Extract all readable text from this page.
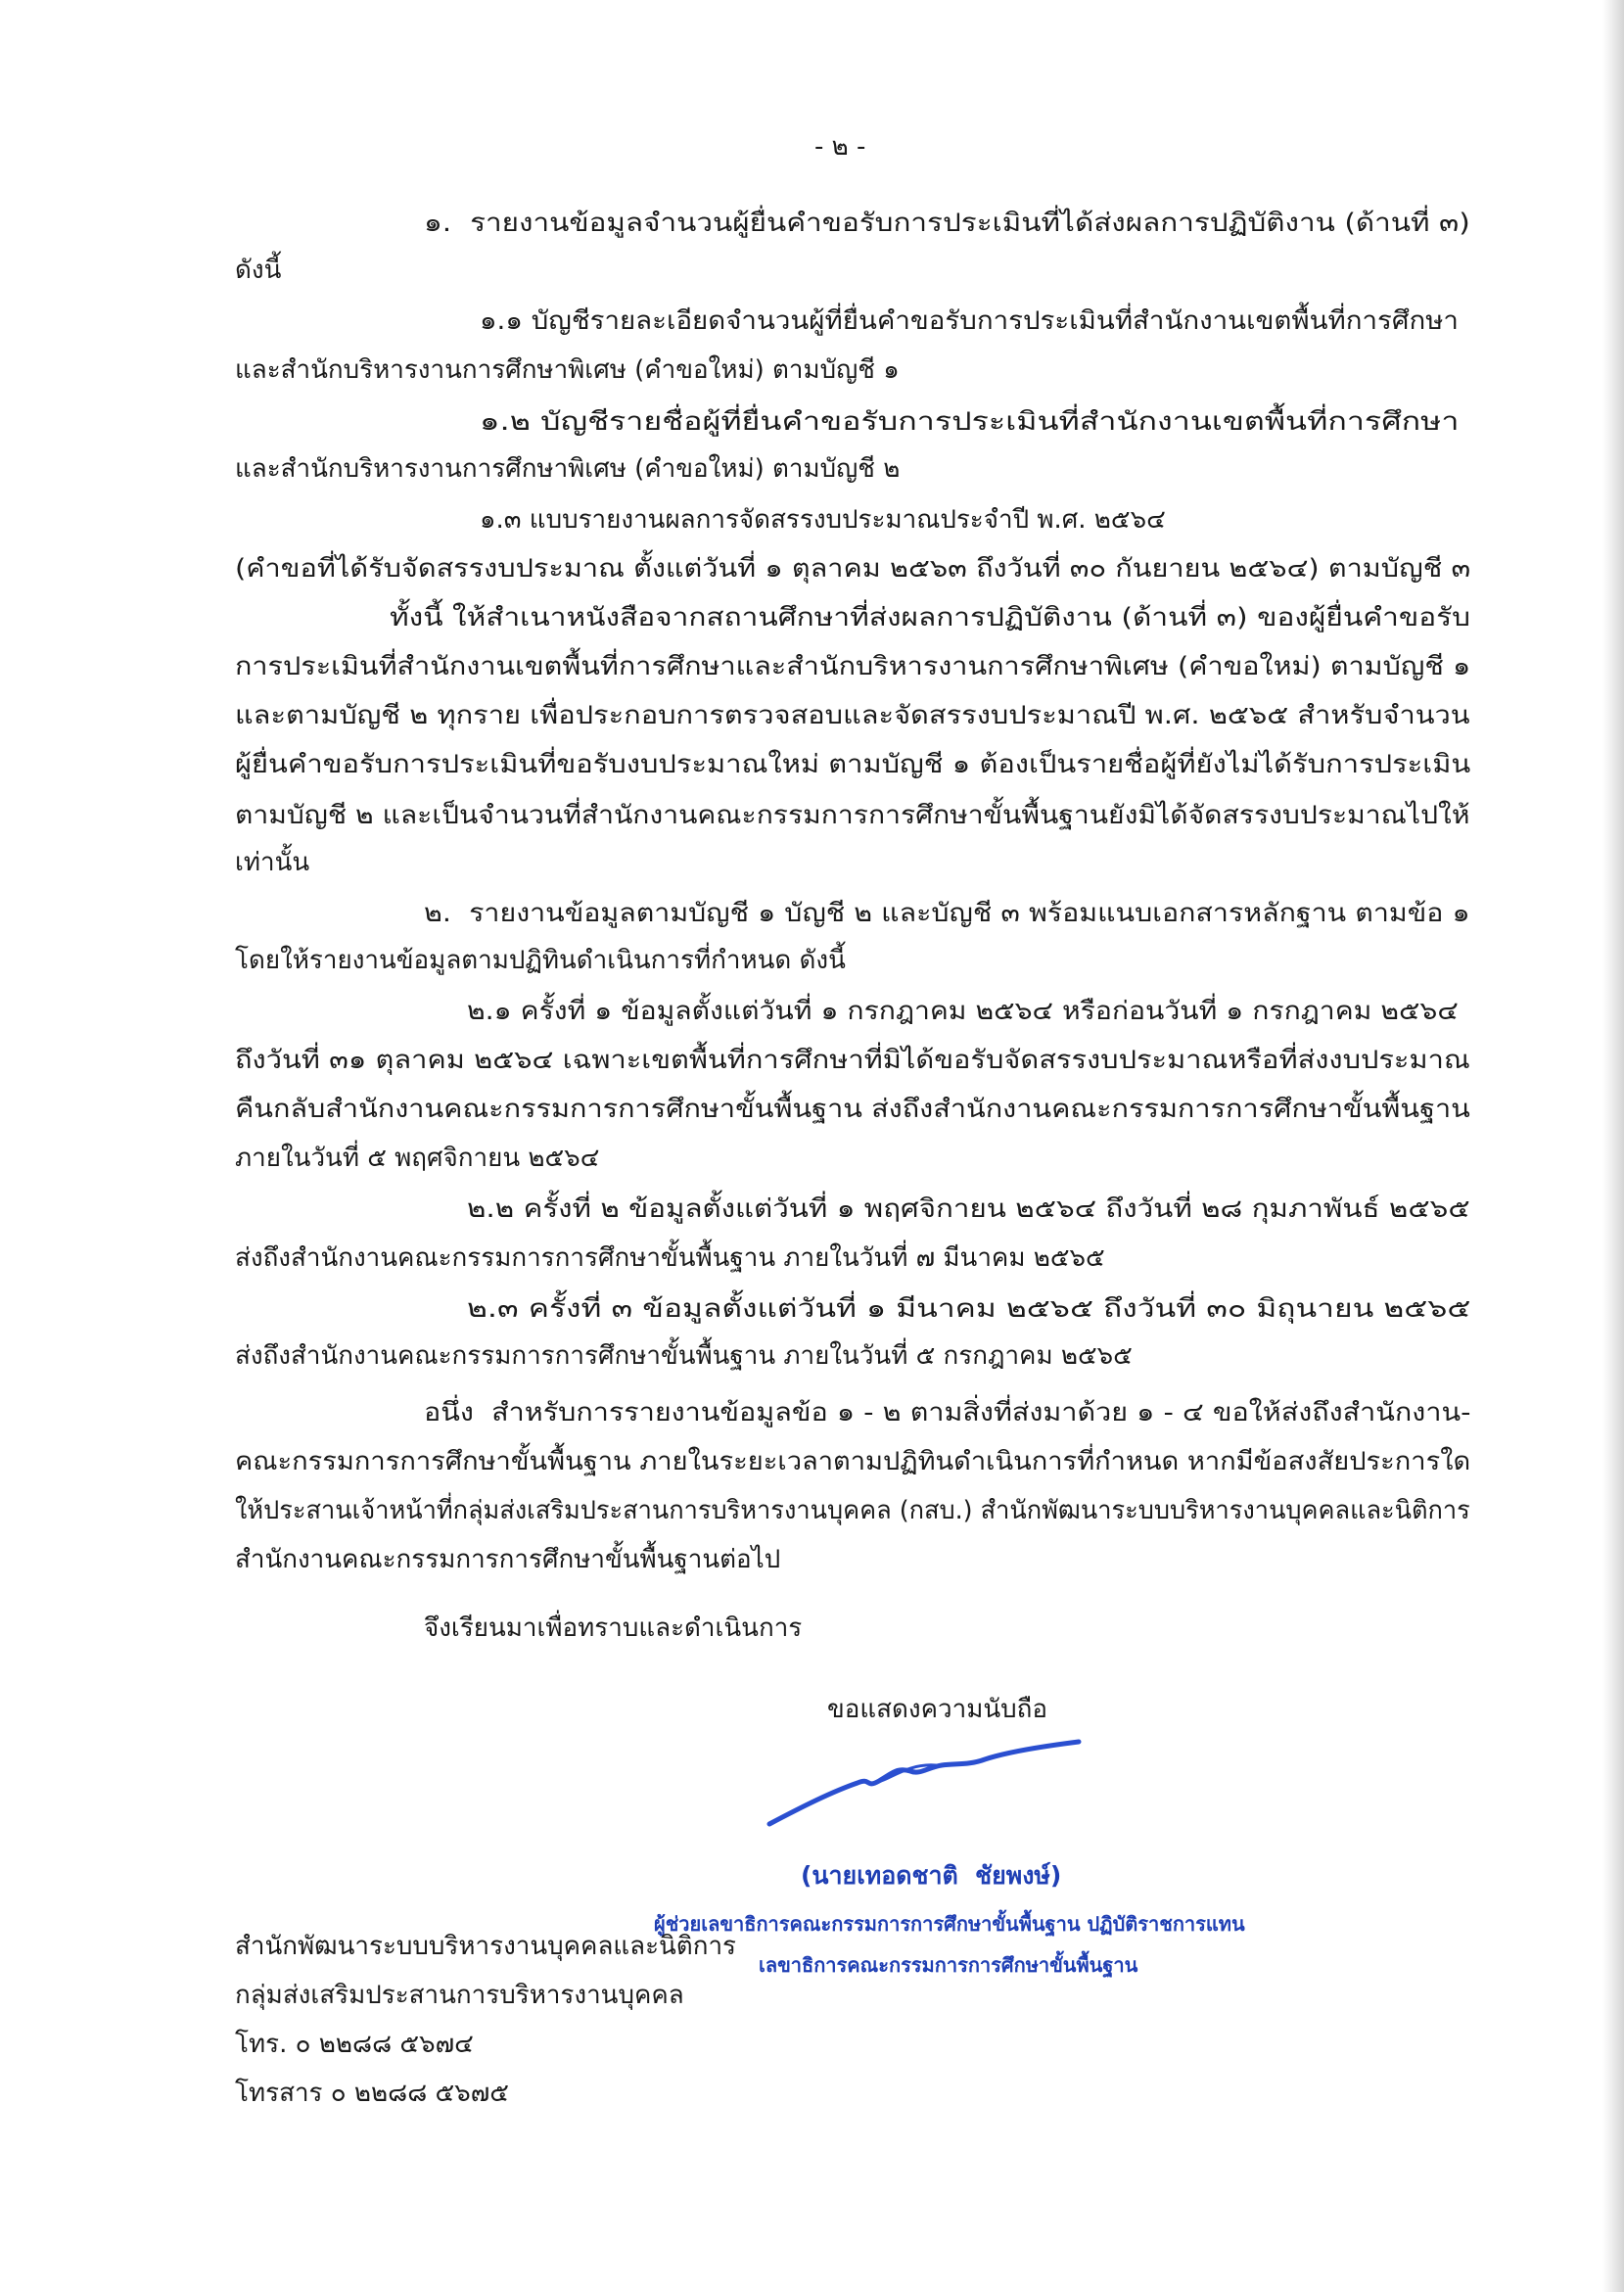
- ๒ -
๑.  รายงานข้อมูลจำนวนผู้ยื่นคำขอรับการประเมินที่ได้ส่งผลการปฏิบัติงาน (ด้านที่ ๓)
ดังนี้
๑.๑ บัญชีรายละเอียดจำนวนผู้ที่ยื่นคำขอรับการประเมินที่สำนักงานเขตพื้นที่การศึกษา
และสำนักบริหารงานการศึกษาพิเศษ (คำขอใหม่) ตามบัญชี ๑
๑.๒ บัญชีรายชื่อผู้ที่ยื่นคำขอรับการประเมินที่สำนักงานเขตพื้นที่การศึกษา
และสำนักบริหารงานการศึกษาพิเศษ (คำขอใหม่) ตามบัญชี ๒
๑.๓ แบบรายงานผลการจัดสรรงบประมาณประจำปี พ.ศ. ๒๕๖๔
(คำขอที่ได้รับจัดสรรงบประมาณ ตั้งแต่วันที่ ๑ ตุลาคม ๒๕๖๓ ถึงวันที่ ๓๐ กันยายน ๒๕๖๔) ตามบัญชี ๓
ทั้งนี้ ให้สำเนาหนังสือจากสถานศึกษาที่ส่งผลการปฏิบัติงาน (ด้านที่ ๓) ของผู้ยื่นคำขอรับ
การประเมินที่สำนักงานเขตพื้นที่การศึกษาและสำนักบริหารงานการศึกษาพิเศษ (คำขอใหม่) ตามบัญชี ๑
และตามบัญชี ๒ ทุกราย เพื่อประกอบการตรวจสอบและจัดสรรงบประมาณปี พ.ศ. ๒๕๖๕ สำหรับจำนวน
ผู้ยื่นคำขอรับการประเมินที่ขอรับงบประมาณใหม่ ตามบัญชี ๑ ต้องเป็นรายชื่อผู้ที่ยังไม่ได้รับการประเมิน
ตามบัญชี ๒ และเป็นจำนวนที่สำนักงานคณะกรรมการการศึกษาขั้นพื้นฐานยังมิได้จัดสรรงบประมาณไปให้
เท่านั้น
๒.  รายงานข้อมูลตามบัญชี ๑ บัญชี ๒ และบัญชี ๓ พร้อมแนบเอกสารหลักฐาน ตามข้อ ๑
โดยให้รายงานข้อมูลตามปฏิทินดำเนินการที่กำหนด ดังนี้
๒.๑ ครั้งที่ ๑ ข้อมูลตั้งแต่วันที่ ๑ กรกฎาคม ๒๕๖๔ หรือก่อนวันที่ ๑ กรกฎาคม ๒๕๖๔
ถึงวันที่ ๓๑ ตุลาคม ๒๕๖๔ เฉพาะเขตพื้นที่การศึกษาที่มิได้ขอรับจัดสรรงบประมาณหรือที่ส่งงบประมาณ
คืนกลับสำนักงานคณะกรรมการการศึกษาขั้นพื้นฐาน ส่งถึงสำนักงานคณะกรรมการการศึกษาขั้นพื้นฐาน
ภายในวันที่ ๕ พฤศจิกายน ๒๕๖๔
๒.๒ ครั้งที่ ๒ ข้อมูลตั้งแต่วันที่ ๑ พฤศจิกายน ๒๕๖๔ ถึงวันที่ ๒๘ กุมภาพันธ์ ๒๕๖๕
ส่งถึงสำนักงานคณะกรรมการการศึกษาขั้นพื้นฐาน ภายในวันที่ ๗ มีนาคม ๒๕๖๕
๒.๓ ครั้งที่ ๓ ข้อมูลตั้งแต่วันที่ ๑ มีนาคม ๒๕๖๕ ถึงวันที่ ๓๐ มิถุนายน ๒๕๖๕
ส่งถึงสำนักงานคณะกรรมการการศึกษาขั้นพื้นฐาน ภายในวันที่ ๕ กรกฎาคม ๒๕๖๕
อนึ่ง  สำหรับการรายงานข้อมูลข้อ ๑ - ๒ ตามสิ่งที่ส่งมาด้วย ๑ - ๔ ขอให้ส่งถึงสำนักงาน-
คณะกรรมการการศึกษาขั้นพื้นฐาน ภายในระยะเวลาตามปฏิทินดำเนินการที่กำหนด หากมีข้อสงสัยประการใด
ให้ประสานเจ้าหน้าที่กลุ่มส่งเสริมประสานการบริหารงานบุคคล (กสบ.) สำนักพัฒนาระบบบริหารงานบุคคลและนิติการ
สำนักงานคณะกรรมการการศึกษาขั้นพื้นฐานต่อไป
จึงเรียนมาเพื่อทราบและดำเนินการ
ขอแสดงความนับถือ
(นายเทอดชาติ  ชัยพงษ์)
ผู้ช่วยเลขาธิการคณะกรรมการการศึกษาขั้นพื้นฐาน ปฏิบัติราชการแทน
เลขาธิการคณะกรรมการการศึกษาขั้นพื้นฐาน
สำนักพัฒนาระบบบริหารงานบุคคลและนิติการ
กลุ่มส่งเสริมประสานการบริหารงานบุคคล
โทร. ๐ ๒๒๘๘ ๕๖๗๔
โทรสาร ๐ ๒๒๘๘ ๕๖๗๕
